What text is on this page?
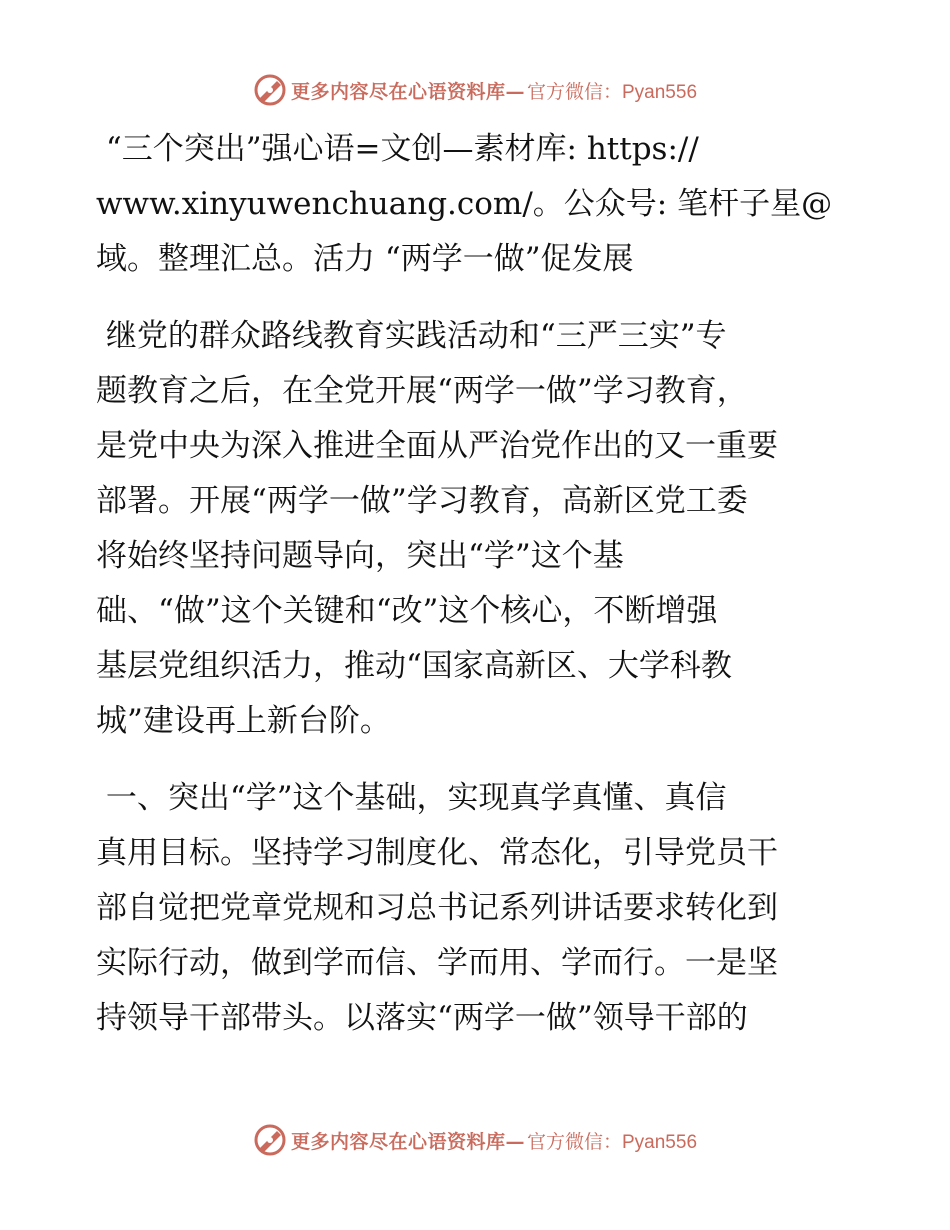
更多内容尽在心语资料库— 官方微信：Pyan556

“三个突出”强心语=文创—素材库: https://
www.xinyuwenchuang.com/。公众号: 笔杆子星@
域。整理汇总。活力 “两学一做”促发展

继党的群众路线教育实践活动和“三严三实”专
题教育之后，在全党开展“两学一做”学习教育，
是党中央为深入推进全面从严治党作出的又一重要
部署。开展“两学一做”学习教育，高新区党工委
将始终坚持问题导向，突出“学”这个基
础、“做”这个关键和“改”这个核心，不断增强
基层党组织活力，推动“国家高新区、大学科教
城”建设再上新台阶。

一、突出“学”这个基础，实现真学真懂、真信
真用目标。坚持学习制度化、常态化，引导党员干
部自觉把党章党规和习总书记系列讲话要求转化到
实际行动，做到学而信、学而用、学而行。一是坚
持领导干部带头。以落实“两学一做”领导干部的

更多内容尽在心语资料库— 官方微信：Pyan556
